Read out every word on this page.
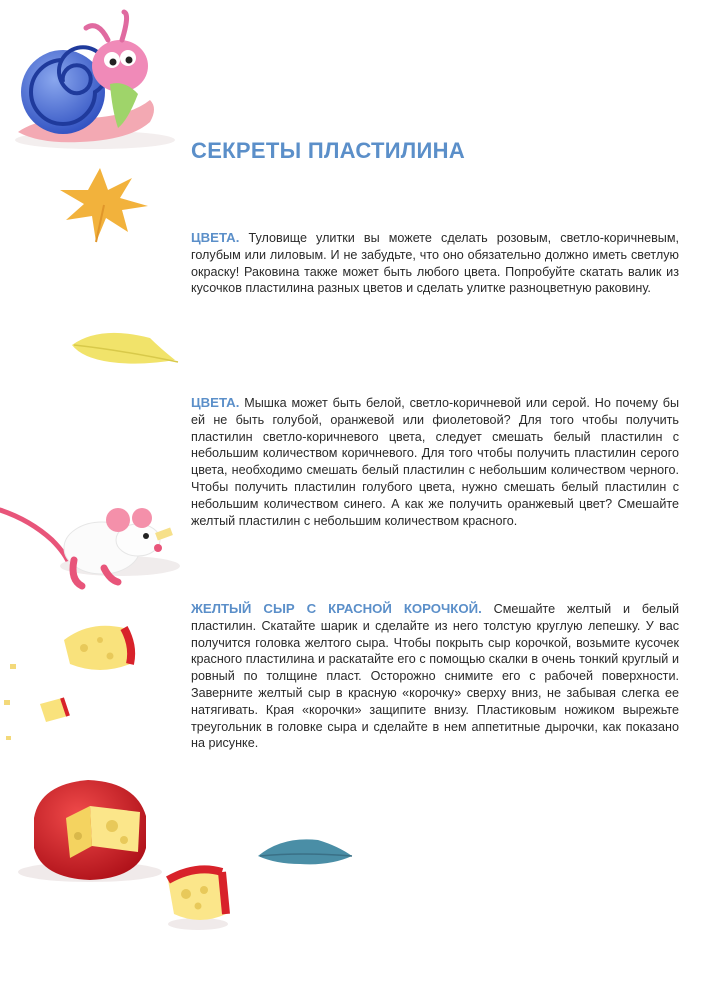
СЕКРЕТЫ ПЛАСТИЛИНА

ЦВЕТА. Туловище улитки вы можете сделать розовым, светло-коричневым, голубым или лиловым. И не забудьте, что оно обязательно должно иметь светлую окраску! Раковина также может быть любого цвета. Попробуйте скатать валик из кусочков пластилина разных цветов и сделать улитке разноцветную раковину.

ЦВЕТА. Мышка может быть белой, светло-коричневой или серой. Но почему бы ей не быть голубой, оранжевой или фиолетовой? Для того чтобы получить пластилин светло-коричневого цвета, следует смешать белый пластилин с небольшим количеством коричневого. Для того чтобы получить пластилин серого цвета, необходимо смешать белый пластилин с небольшим количеством черного. Чтобы получить пластилин голубого цвета, нужно смешать белый пластилин с небольшим количеством синего. А как же получить оранжевый цвет? Смешайте желтый пластилин с небольшим количеством красного.

ЖЕЛТЫЙ СЫР С КРАСНОЙ КОРОЧКОЙ. Смешайте желтый и белый пластилин. Скатайте шарик и сделайте из него толстую круглую лепешку. У вас получится головка желтого сыра. Чтобы покрыть сыр корочкой, возьмите кусочек красного пластилина и раскатайте его с помощью скалки в очень тонкий круглый и ровный по толщине пласт. Осторожно снимите его с рабочей поверхности. Заверните желтый сыр в красную «корочку» сверху вниз, не забывая слегка ее натягивать. Края «корочки» защипите внизу. Пластиковым ножиком вырежьте треугольник в головке сыра и сделайте в нем аппетитные дырочки, как показано на рисунке.
